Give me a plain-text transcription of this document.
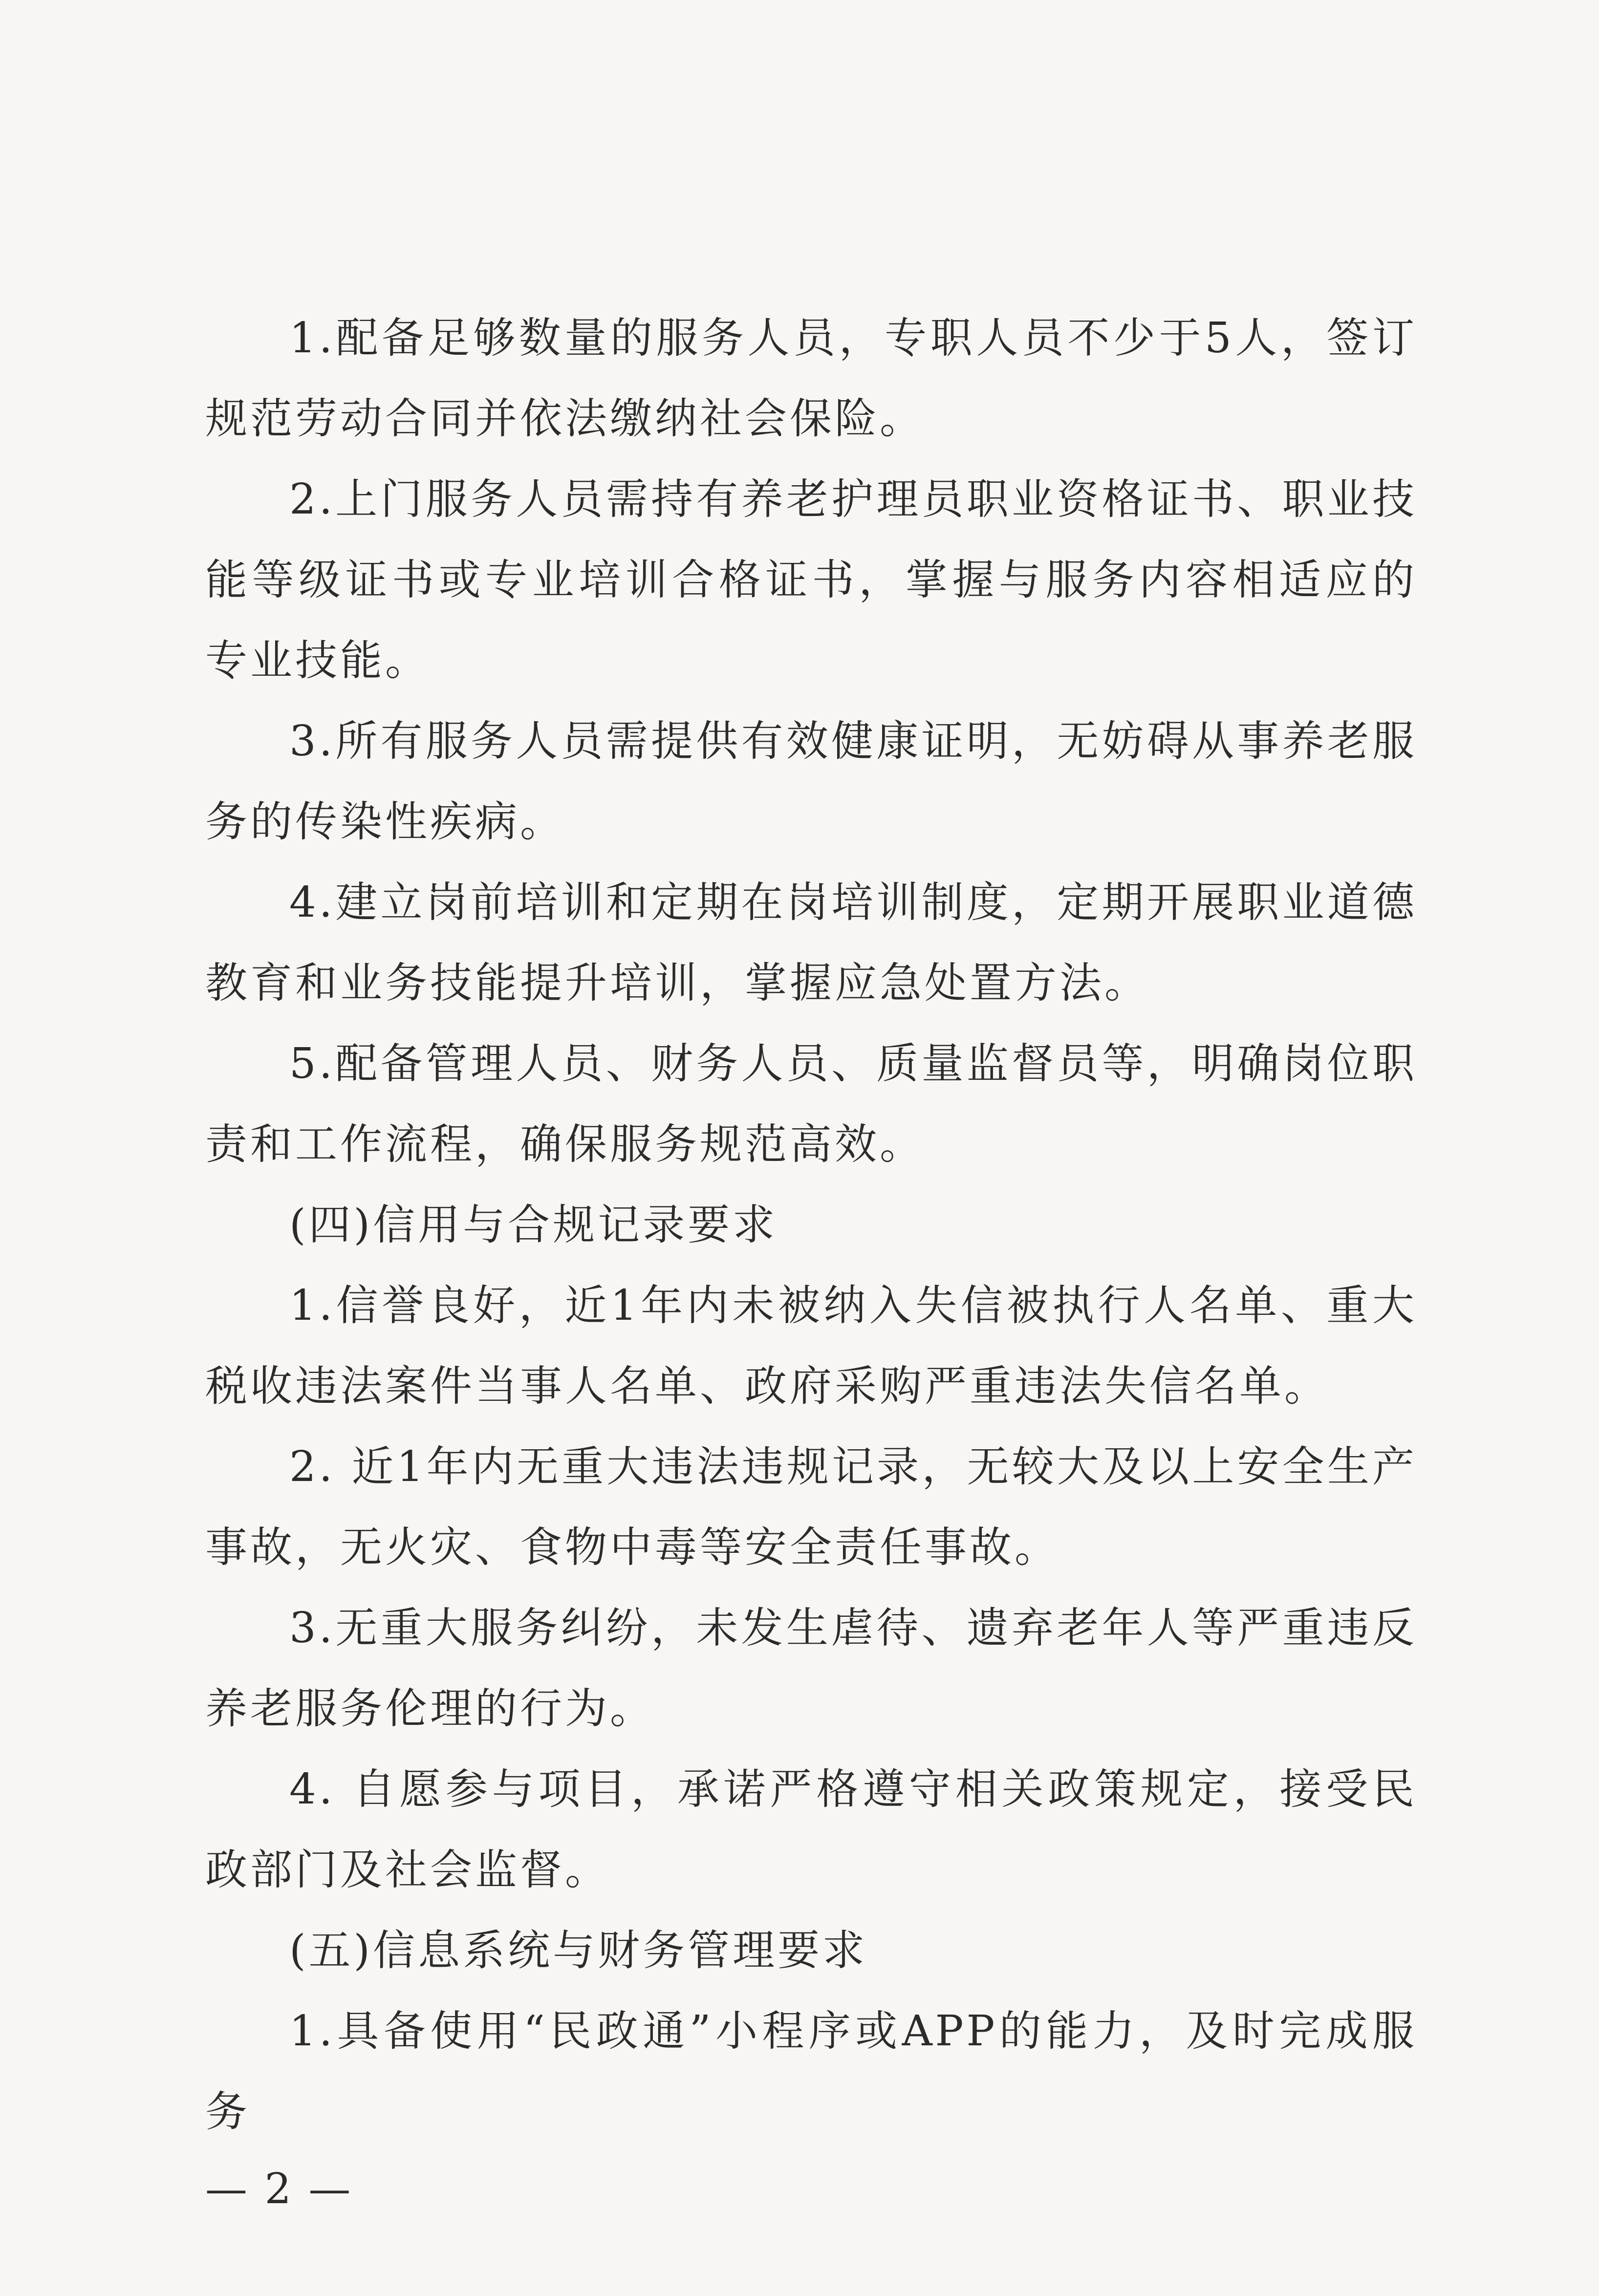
1.配备足够数量的服务人员，专职人员不少于5人，签订规范劳动合同并依法缴纳社会保险。

2.上门服务人员需持有养老护理员职业资格证书、职业技能等级证书或专业培训合格证书，掌握与服务内容相适应的专业技能。

3.所有服务人员需提供有效健康证明，无妨碍从事养老服务的传染性疾病。

4.建立岗前培训和定期在岗培训制度，定期开展职业道德教育和业务技能提升培训，掌握应急处置方法。

5.配备管理人员、财务人员、质量监督员等，明确岗位职责和工作流程，确保服务规范高效。

(四)信用与合规记录要求

1.信誉良好，近1年内未被纳入失信被执行人名单、重大税收违法案件当事人名单、政府采购严重违法失信名单。

2. 近1年内无重大违法违规记录，无较大及以上安全生产事故，无火灾、食物中毒等安全责任事故。

3.无重大服务纠纷，未发生虐待、遗弃老年人等严重违反养老服务伦理的行为。

4. 自愿参与项目，承诺严格遵守相关政策规定，接受民政部门及社会监督。

(五)信息系统与财务管理要求

1.具备使用“民政通”小程序或APP的能力，及时完成服务

— 2 —
